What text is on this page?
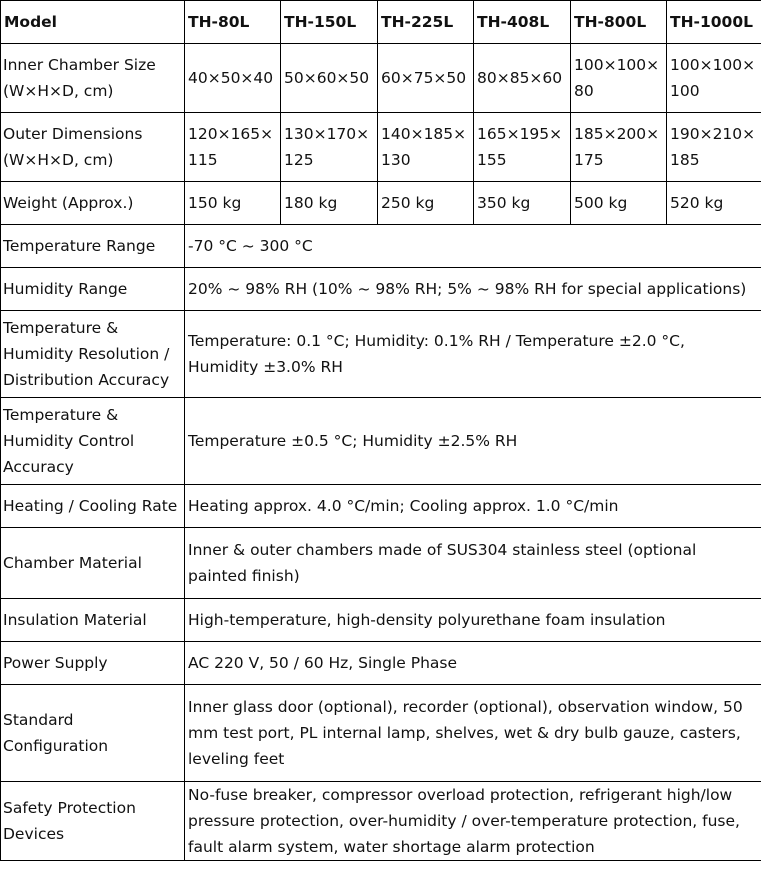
Model	TH-80L	TH-150L	TH-225L	TH-408L	TH-800L	TH-1000L
Inner Chamber Size (W×H×D, cm)	40×50×40	50×60×50	60×75×50	80×85×60	100×100×80	100×100×100
Outer Dimensions (W×H×D, cm)	120×165×115	130×170×125	140×185×130	165×195×155	185×200×175	190×210×185
Weight (Approx.)	150 kg	180 kg	250 kg	350 kg	500 kg	520 kg
Temperature Range	-70 °C ~ 300 °C					
Humidity Range	20% ~ 98% RH (10% ~ 98% RH; 5% ~ 98% RH for special applications)					
Temperature & Humidity Resolution / Distribution Accuracy	Temperature: 0.1 °C; Humidity: 0.1% RH / Temperature ±2.0 °C, Humidity ±3.0% RH					
Temperature & Humidity Control Accuracy	Temperature ±0.5 °C; Humidity ±2.5% RH					
Heating / Cooling Rate	Heating approx. 4.0 °C/min; Cooling approx. 1.0 °C/min					
Chamber Material	Inner & outer chambers made of SUS304 stainless steel (optional painted finish)					
Insulation Material	High-temperature, high-density polyurethane foam insulation					
Power Supply	AC 220 V, 50 / 60 Hz, Single Phase					
Standard Configuration	Inner glass door (optional), recorder (optional), observation window, 50 mm test port, PL internal lamp, shelves, wet & dry bulb gauze, casters, leveling feet					
Safety Protection Devices	No-fuse breaker, compressor overload protection, refrigerant high/low pressure protection, over-humidity / over-temperature protection, fuse, fault alarm system, water shortage alarm protection					
